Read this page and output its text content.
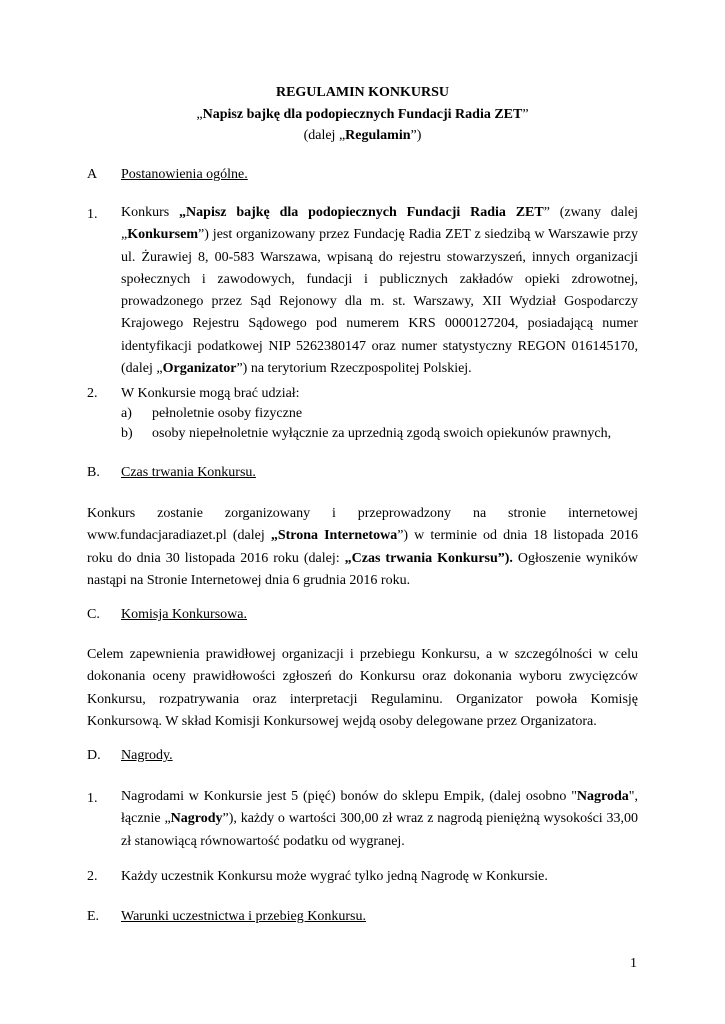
REGULAMIN KONKURSU
„Napisz bajkę dla podopiecznych Fundacji Radia ZET”
(dalej „Regulamin”)
A Postanowienia ogólne.
1. Konkurs „Napisz bajkę dla podopiecznych Fundacji Radia ZET” (zwany dalej „Konkursem”) jest organizowany przez Fundację Radia ZET z siedzibą w Warszawie przy ul. Żurawiej 8, 00-583 Warszawa, wpisaną do rejestru stowarzyszeń, innych organizacji społecznych i zawodowych, fundacji i publicznych zakładów opieki zdrowotnej, prowadzonego przez Sąd Rejonowy dla m. st. Warszawy, XII Wydział Gospodarczy Krajowego Rejestru Sądowego pod numerem KRS 0000127204, posiadającą numer identyfikacji podatkowej NIP 5262380147 oraz numer statystyczny REGON 016145170, (dalej „Organizator”) na terytorium Rzeczpospolitej Polskiej.
2. W Konkursie mogą brać udział:
a) pełnoletnie osoby fizyczne
b) osoby niepełnoletnie wyłącznie za uprzednią zgodą swoich opiekunów prawnych,
B. Czas trwania Konkursu.
Konkurs zostanie zorganizowany i przeprowadzony na stronie internetowej www.fundacjaradiazet.pl (dalej „Strona Internetowa”) w terminie od dnia 18 listopada 2016 roku do dnia 30 listopada 2016 roku (dalej: „Czas trwania Konkursu”). Ogłoszenie wyników nastąpi na Stronie Internetowej dnia 6 grudnia 2016 roku.
C. Komisja Konkursowa.
Celem zapewnienia prawidłowej organizacji i przebiegu Konkursu, a w szczególności w celu dokonania oceny prawidłowości zgłoszeń do Konkursu oraz dokonania wyboru zwycięzców Konkursu, rozpatrywania oraz interpretacji Regulaminu. Organizator powoła Komisję Konkursową. W skład Komisji Konkursowej wejdą osoby delegowane przez Organizatora.
D. Nagrody.
1. Nagrodami w Konkursie jest 5 (pięć) bonów do sklepu Empik, (dalej osobno "Nagroda", łącznie „Nagrody”), każdy o wartości 300,00 zł wraz z nagrodą pieniężną wysokości 33,00 zł stanowiącą równowartość podatku od wygranej.
2. Każdy uczestnik Konkursu może wygrać tylko jedną Nagrodę w Konkursie.
E. Warunki uczestnictwa i przebieg Konkursu.
1
